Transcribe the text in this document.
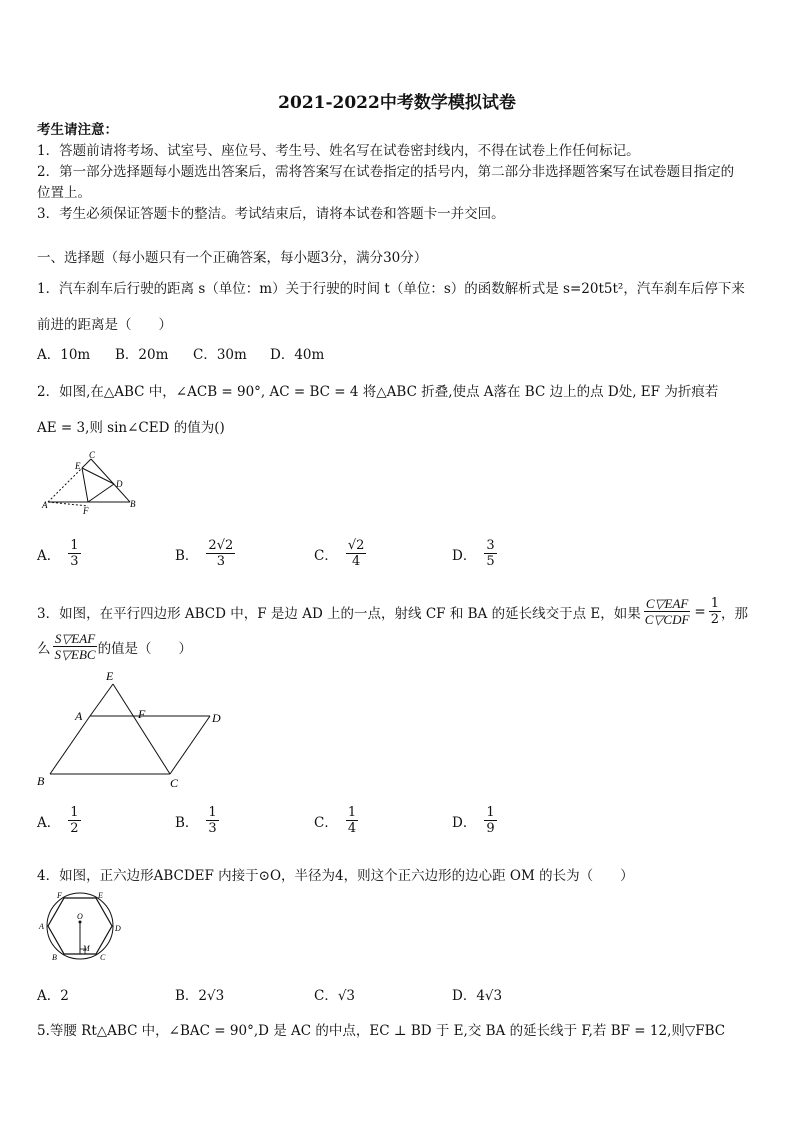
2021-2022中考数学模拟试卷
考生请注意：
1．答题前请将考场、试室号、座位号、考生号、姓名写在试卷密封线内，不得在试卷上作任何标记。
2．第一部分选择题每小题选出答案后，需将答案写在试卷指定的括号内，第二部分非选择题答案写在试卷题目指定的
位置上。
3．考生必须保证答题卡的整洁。考试结束后，请将本试卷和答题卡一并交回。
一、选择题（每小题只有一个正确答案，每小题3分，满分30分）
1．汽车刹车后行驶的距离 s（单位：m）关于行驶的时间 t（单位：s）的函数解析式是 s=20t5t²，汽车刹车后停下来
前进的距离是（　　）
A．10m B．20m C．30m D．40m
2．如图,在△ABC 中，∠ACB = 90°, AC = BC = 4 将△ABC 折叠,使点 A落在 BC 边上的点 D处, EF 为折痕若
AE = 3,则 sin∠CED 的值为()
C
E
D
A
F
B
A． $\frac{1}{3}$	B． $\frac{2√2}{3}$	C． $\frac{√2}{4}$	D． $\frac{3}{5}$
3．如图，在平行四边形 ABCD 中，F 是边 AD 上的一点，射线 CF 和 BA 的延长线交于点 E，如果 $\frac{\text{C▽EAF}}{\text{C▽CDF}} = \frac{1}{2}$ ，那
么 $\frac{\text{S▽EAF}}{\text{S▽EBC}}$ 的值是（　　）
E
A	F	D
B	C
A． $\frac{1}{2}$	B． $\frac{1}{3}$	C． $\frac{1}{4}$	D． $\frac{1}{9}$
4．如图，正六边形ABCDEF 内接于⊙O，半径为4，则这个正六边形的边心距 OM 的长为（　　）
F	E
A
O
D
B
M
C
A．2	B．2√3	C．√3	D．4√3
5.等腰 Rt△ABC 中，∠BAC = 90°,D 是 AC 的中点，EC ⊥ BD 于 E,交 BA 的延长线于 F,若 BF = 12,则▽FBC
